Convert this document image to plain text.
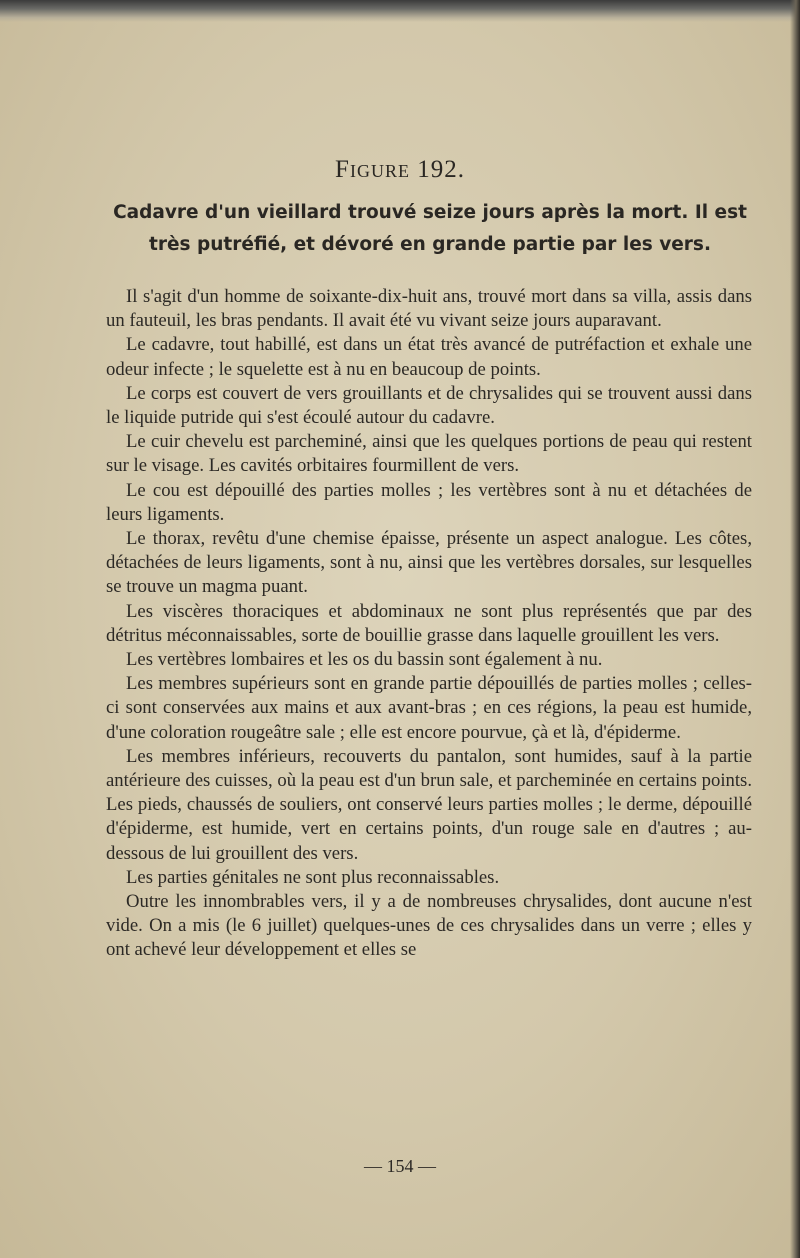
Figure 192.
Cadavre d'un vieillard trouvé seize jours après la mort. Il est très putréfié, et dévoré en grande partie par les vers.

Il s'agit d'un homme de soixante-dix-huit ans, trouvé mort dans sa villa, assis dans un fauteuil, les bras pendants. Il avait été vu vivant seize jours auparavant.

Le cadavre, tout habillé, est dans un état très avancé de putréfaction et exhale une odeur infecte ; le squelette est à nu en beaucoup de points.

Le corps est couvert de vers grouillants et de chrysalides qui se trouvent aussi dans le liquide putride qui s'est écoulé autour du cadavre.

Le cuir chevelu est parcheminé, ainsi que les quelques portions de peau qui restent sur le visage. Les cavités orbitaires fourmillent de vers.

Le cou est dépouillé des parties molles ; les vertèbres sont à nu et détachées de leurs ligaments.

Le thorax, revêtu d'une chemise épaisse, présente un aspect analogue. Les côtes, détachées de leurs ligaments, sont à nu, ainsi que les vertèbres dorsales, sur lesquelles se trouve un magma puant.

Les viscères thoraciques et abdominaux ne sont plus représentés que par des détritus méconnaissables, sorte de bouillie grasse dans laquelle grouillent les vers.

Les vertèbres lombaires et les os du bassin sont également à nu.

Les membres supérieurs sont en grande partie dépouillés de parties molles ; celles-ci sont conservées aux mains et aux avant-bras ; en ces régions, la peau est humide, d'une coloration rougeâtre sale ; elle est encore pourvue, çà et là, d'épiderme.

Les membres inférieurs, recouverts du pantalon, sont humides, sauf à la partie antérieure des cuisses, où la peau est d'un brun sale, et parcheminée en certains points. Les pieds, chaussés de souliers, ont conservé leurs parties molles ; le derme, dépouillé d'épiderme, est humide, vert en certains points, d'un rouge sale en d'autres ; au-dessous de lui grouillent des vers.

Les parties génitales ne sont plus reconnaissables.

Outre les innombrables vers, il y a de nombreuses chrysalides, dont aucune n'est vide. On a mis (le 6 juillet) quelques-unes de ces chrysalides dans un verre ; elles y ont achevé leur développement et elles se

— 154 —
